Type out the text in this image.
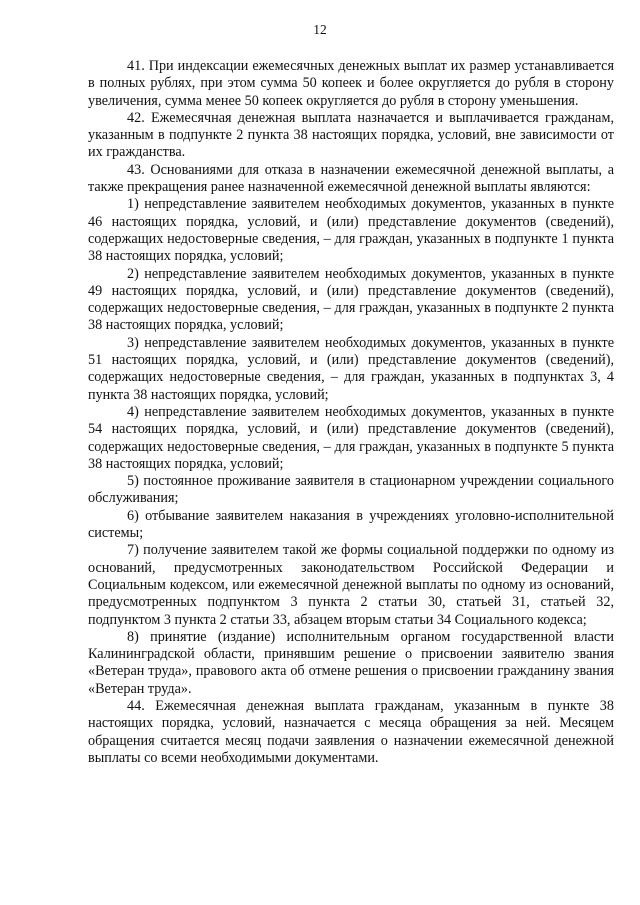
12

41. При индексации ежемесячных денежных выплат их размер устанавливается в полных рублях, при этом сумма 50 копеек и более округляется до рубля в сторону увеличения, сумма менее 50 копеек округляется до рубля в сторону уменьшения.

42. Ежемесячная денежная выплата назначается и выплачивается гражданам, указанным в подпункте 2 пункта 38 настоящих порядка, условий, вне зависимости от их гражданства.

43. Основаниями для отказа в назначении ежемесячной денежной выплаты, а также прекращения ранее назначенной ежемесячной денежной выплаты являются:

1) непредставление заявителем необходимых документов, указанных в пункте 46 настоящих порядка, условий, и (или) представление документов (сведений), содержащих недостоверные сведения, – для граждан, указанных в подпункте 1 пункта 38 настоящих порядка, условий;

2) непредставление заявителем необходимых документов, указанных в пункте 49 настоящих порядка, условий, и (или) представление документов (сведений), содержащих недостоверные сведения, – для граждан, указанных в подпункте 2 пункта 38 настоящих порядка, условий;

3) непредставление заявителем необходимых документов, указанных в пункте 51 настоящих порядка, условий, и (или) представление документов (сведений), содержащих недостоверные сведения, – для граждан, указанных в подпунктах 3, 4 пункта 38 настоящих порядка, условий;

4) непредставление заявителем необходимых документов, указанных в пункте 54 настоящих порядка, условий, и (или) представление документов (сведений), содержащих недостоверные сведения, – для граждан, указанных в подпункте 5 пункта 38 настоящих порядка, условий;

5) постоянное проживание заявителя в стационарном учреждении социального обслуживания;

6) отбывание заявителем наказания в учреждениях уголовно-исполнительной системы;

7) получение заявителем такой же формы социальной поддержки по одному из оснований, предусмотренных законодательством Российской Федерации и Социальным кодексом, или ежемесячной денежной выплаты по одному из оснований, предусмотренных подпунктом 3 пункта 2 статьи 30, статьей 31, статьей 32, подпунктом 3 пункта 2 статьи 33, абзацем вторым статьи 34 Социального кодекса;

8) принятие (издание) исполнительным органом государственной власти Калининградской области, принявшим решение о присвоении заявителю звания «Ветеран труда», правового акта об отмене решения о присвоении гражданину звания «Ветеран труда».

44. Ежемесячная денежная выплата гражданам, указанным в пункте 38 настоящих порядка, условий, назначается с месяца обращения за ней. Месяцем обращения считается месяц подачи заявления о назначении ежемесячной денежной выплаты со всеми необходимыми документами.
